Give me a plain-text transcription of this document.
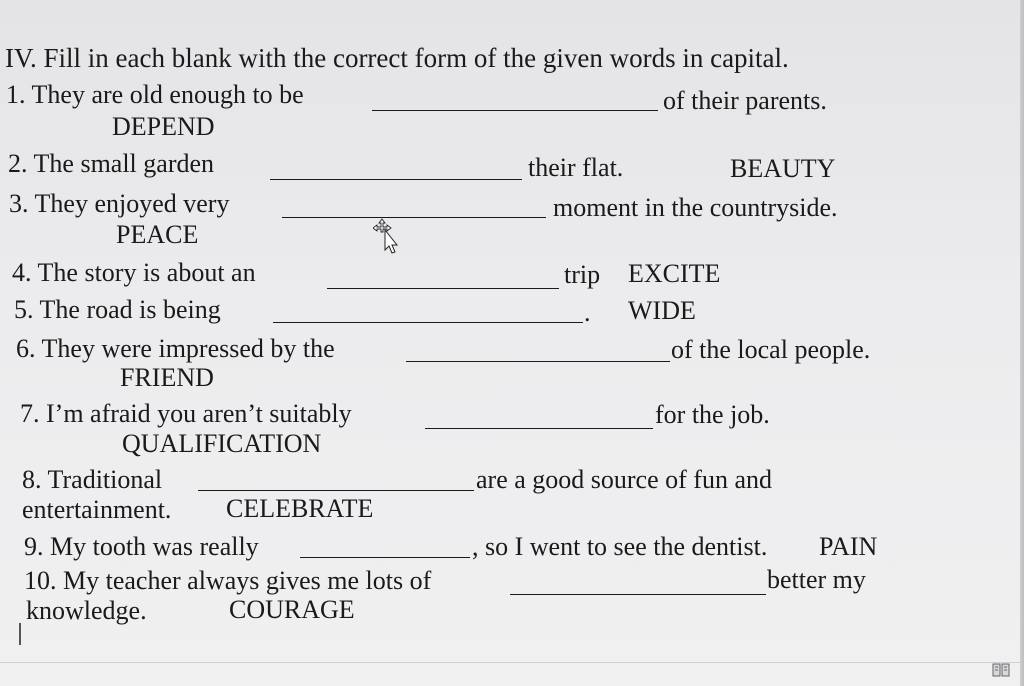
IV. Fill in each blank with the correct form of the given words in capital.
1. They are old enough to be	of their parents.
DEPEND
2. The small garden	their flat.	BEAUTY
3. They enjoyed very	moment in the countryside.
PEACE
4. The story is about an	trip EXCITE
5. The road is being	. WIDE
6. They were impressed by the	of the local people.
FRIEND
7. I’m afraid you aren’t suitably	for the job.
QUALIFICATION
8. Traditional	are a good source of fun and
entertainment. CELEBRATE
9. My tooth was really	, so I went to see the dentist. PAIN
10. My teacher always gives me lots of	better my
knowledge.	COURAGE
